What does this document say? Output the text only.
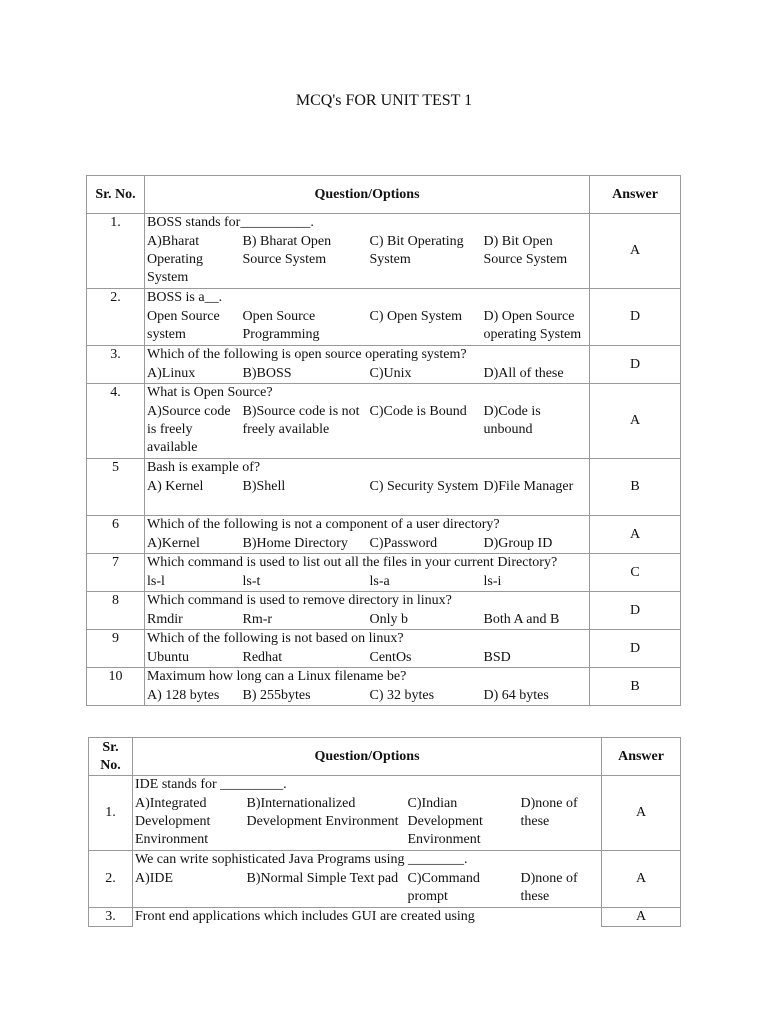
MCQ's FOR UNIT TEST 1
Sr. No.	Question/Options				Answer
1.	BOSS stands for__________.				A
	A)Bharat Operating System	B) Bharat Open Source System	C) Bit Operating System	D) Bit Open Source System	
2.	BOSS is a__.				D
	Open Source system	Open Source Programming	C) Open System	D) Open Source operating System	
3.	Which of the following is open source operating system?				D
	A)Linux	B)BOSS	C)Unix	D)All of these	
4.	What is Open Source?				A
	A)Source code is freely available	B)Source code is not freely available	C)Code is Bound	D)Code is unbound	
5	Bash is example of?				B
	A) Kernel	B)Shell	C) Security System	D)File Manager	
6	Which of the following is not a component of a user directory?				A
	A)Kernel	B)Home Directory	C)Password	D)Group ID	
7	Which command is used to list out all the files in your current Directory?				C
	ls-l	ls-t	ls-a	ls-i	
8	Which command is used to remove directory in linux?				D
	Rmdir	Rm-r	Only b	Both A and B	
9	Which of the following is not based on linux?				D
	Ubuntu	Redhat	CentOs	BSD	
10	Maximum how long can a Linux filename be?				B
	A) 128 bytes	B) 255bytes	C) 32 bytes	D) 64 bytes	
Sr. No.	Question/Options				Answer
1.	IDE stands for _________.				A
	A)Integrated Development Environment	B)Internationalized Development Environment	C)Indian Development Environment	D)none of these	
2.	We can write sophisticated Java Programs using ________.				A
	A)IDE	B)Normal Simple Text pad	C)Command prompt	D)none of these	
3.	Front end applications which includes GUI are created using				A
